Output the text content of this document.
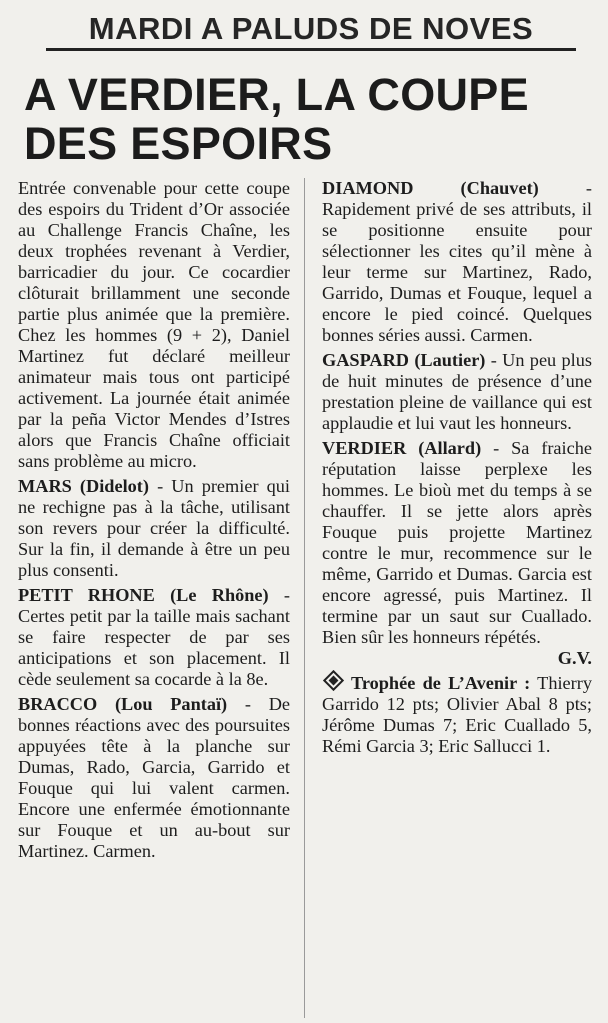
MARDI A PALUDS DE NOVES
A VERDIER, LA COUPE DES ESPOIRS

Entrée convenable pour cette coupe des espoirs du Trident d’Or associée au Challenge Francis Chaîne, les deux trophées revenant à Verdier, barricadier du jour. Ce cocardier clôturait brillamment une seconde partie plus animée que la première. Chez les hommes (9 + 2), Daniel Martinez fut déclaré meilleur animateur mais tous ont participé activement. La journée était animée par la peña Victor Mendes d’Istres alors que Francis Chaîne officiait sans problème au micro.

MARS (Didelot) - Un premier qui ne rechigne pas à la tâche, utilisant son revers pour créer la difficulté. Sur la fin, il demande à être un peu plus consenti.

PETIT RHONE (Le Rhône) - Certes petit par la taille mais sachant se faire respecter de par ses anticipations et son placement. Il cède seulement sa cocarde à la 8e.

BRACCO (Lou Pantaï) - De bonnes réactions avec des poursuites appuyées tête à la planche sur Dumas, Rado, Garcia, Garrido et Fouque qui lui valent carmen. Encore une enfermée émotionnante sur Fouque et un au-bout sur Martinez. Carmen.

DIAMOND (Chauvet) - Rapidement privé de ses attributs, il se positionne ensuite pour sélectionner les cites qu’il mène à leur terme sur Martinez, Rado, Garrido, Dumas et Fouque, lequel a encore le pied coincé. Quelques bonnes séries aussi. Carmen.

GASPARD (Lautier) - Un peu plus de huit minutes de présence d’une prestation pleine de vaillance qui est applaudie et lui vaut les honneurs.

VERDIER (Allard) - Sa fraiche réputation laisse perplexe les hommes. Le bioù met du temps à se chauffer. Il se jette alors après Fouque puis projette Martinez contre le mur, recommence sur le même, Garrido et Dumas. Garcia est encore agressé, puis Martinez. Il termine par un saut sur Cuallado. Bien sûr les honneurs répétés.

G.V.

Trophée de L’Avenir : Thierry Garrido 12 pts; Olivier Abal 8 pts; Jérôme Dumas 7; Eric Cuallado 5, Rémi Garcia 3; Eric Sallucci 1.
